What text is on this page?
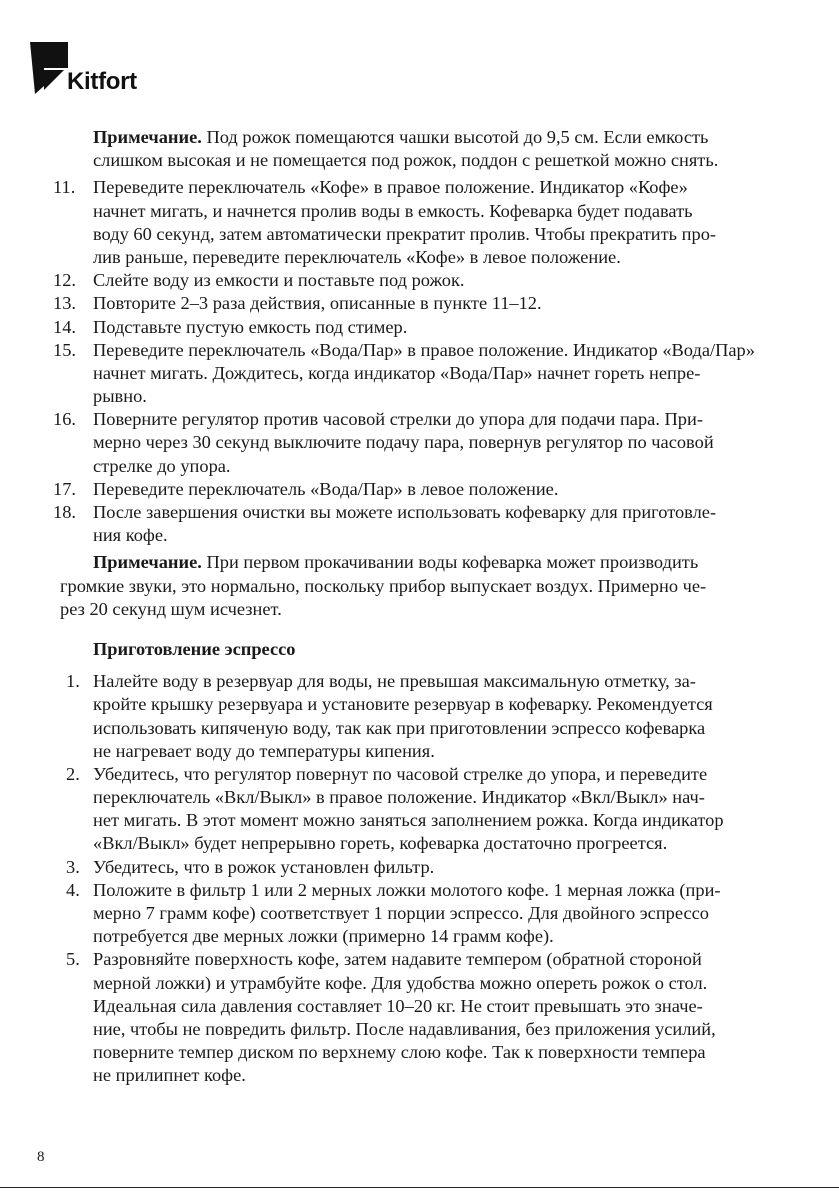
Kitfort
Примечание. Под рожок помещаются чашки высотой до 9,5 см. Если емкость
слишком высокая и не помещается под рожок, поддон с решеткой можно снять.
11. Переведите переключатель «Кофе» в правое положение. Индикатор «Кофе»
начнет мигать, и начнется пролив воды в емкость. Кофеварка будет подавать
воду 60 секунд, затем автоматически прекратит пролив. Чтобы прекратить про-
лив раньше, переведите переключатель «Кофе» в левое положение.
12. Слейте воду из емкости и поставьте под рожок.
13. Повторите 2–3 раза действия, описанные в пункте 11–12.
14. Подставьте пустую емкость под стимер.
15. Переведите переключатель «Вода/Пар» в правое положение. Индикатор «Вода/Пар»
начнет мигать. Дождитесь, когда индикатор «Вода/Пар» начнет гореть непре-
рывно.
16. Поверните регулятор против часовой стрелки до упора для подачи пара. При-
мерно через 30 секунд выключите подачу пара, повернув регулятор по часовой
стрелке до упора.
17. Переведите переключатель «Вода/Пар» в левое положение.
18. После завершения очистки вы можете использовать кофеварку для приготовле-
ния кофе.
Примечание. При первом прокачивании воды кофеварка может производить
громкие звуки, это нормально, поскольку прибор выпускает воздух. Примерно че-
рез 20 секунд шум исчезнет.
Приготовление эспрессо
1. Налейте воду в резервуар для воды, не превышая максимальную отметку, за-
кройте крышку резервуара и установите резервуар в кофеварку. Рекомендуется
использовать кипяченую воду, так как при приготовлении эспрессо кофеварка
не нагревает воду до температуры кипения.
2. Убедитесь, что регулятор повернут по часовой стрелке до упора, и переведите
переключатель «Вкл/Выкл» в правое положение. Индикатор «Вкл/Выкл» нач-
нет мигать. В этот момент можно заняться заполнением рожка. Когда индикатор
«Вкл/Выкл» будет непрерывно гореть, кофеварка достаточно прогреется.
3. Убедитесь, что в рожок установлен фильтр.
4. Положите в фильтр 1 или 2 мерных ложки молотого кофе. 1 мерная ложка (при-
мерно 7 грамм кофе) соответствует 1 порции эспрессо. Для двойного эспрессо
потребуется две мерных ложки (примерно 14 грамм кофе).
5. Разровняйте поверхность кофе, затем надавите темпером (обратной стороной
мерной ложки) и утрамбуйте кофе. Для удобства можно опереть рожок о стол.
Идеальная сила давления составляет 10–20 кг. Не стоит превышать это значе-
ние, чтобы не повредить фильтр. После надавливания, без приложения усилий,
поверните темпер диском по верхнему слою кофе. Так к поверхности темпера
не прилипнет кофе.
8
